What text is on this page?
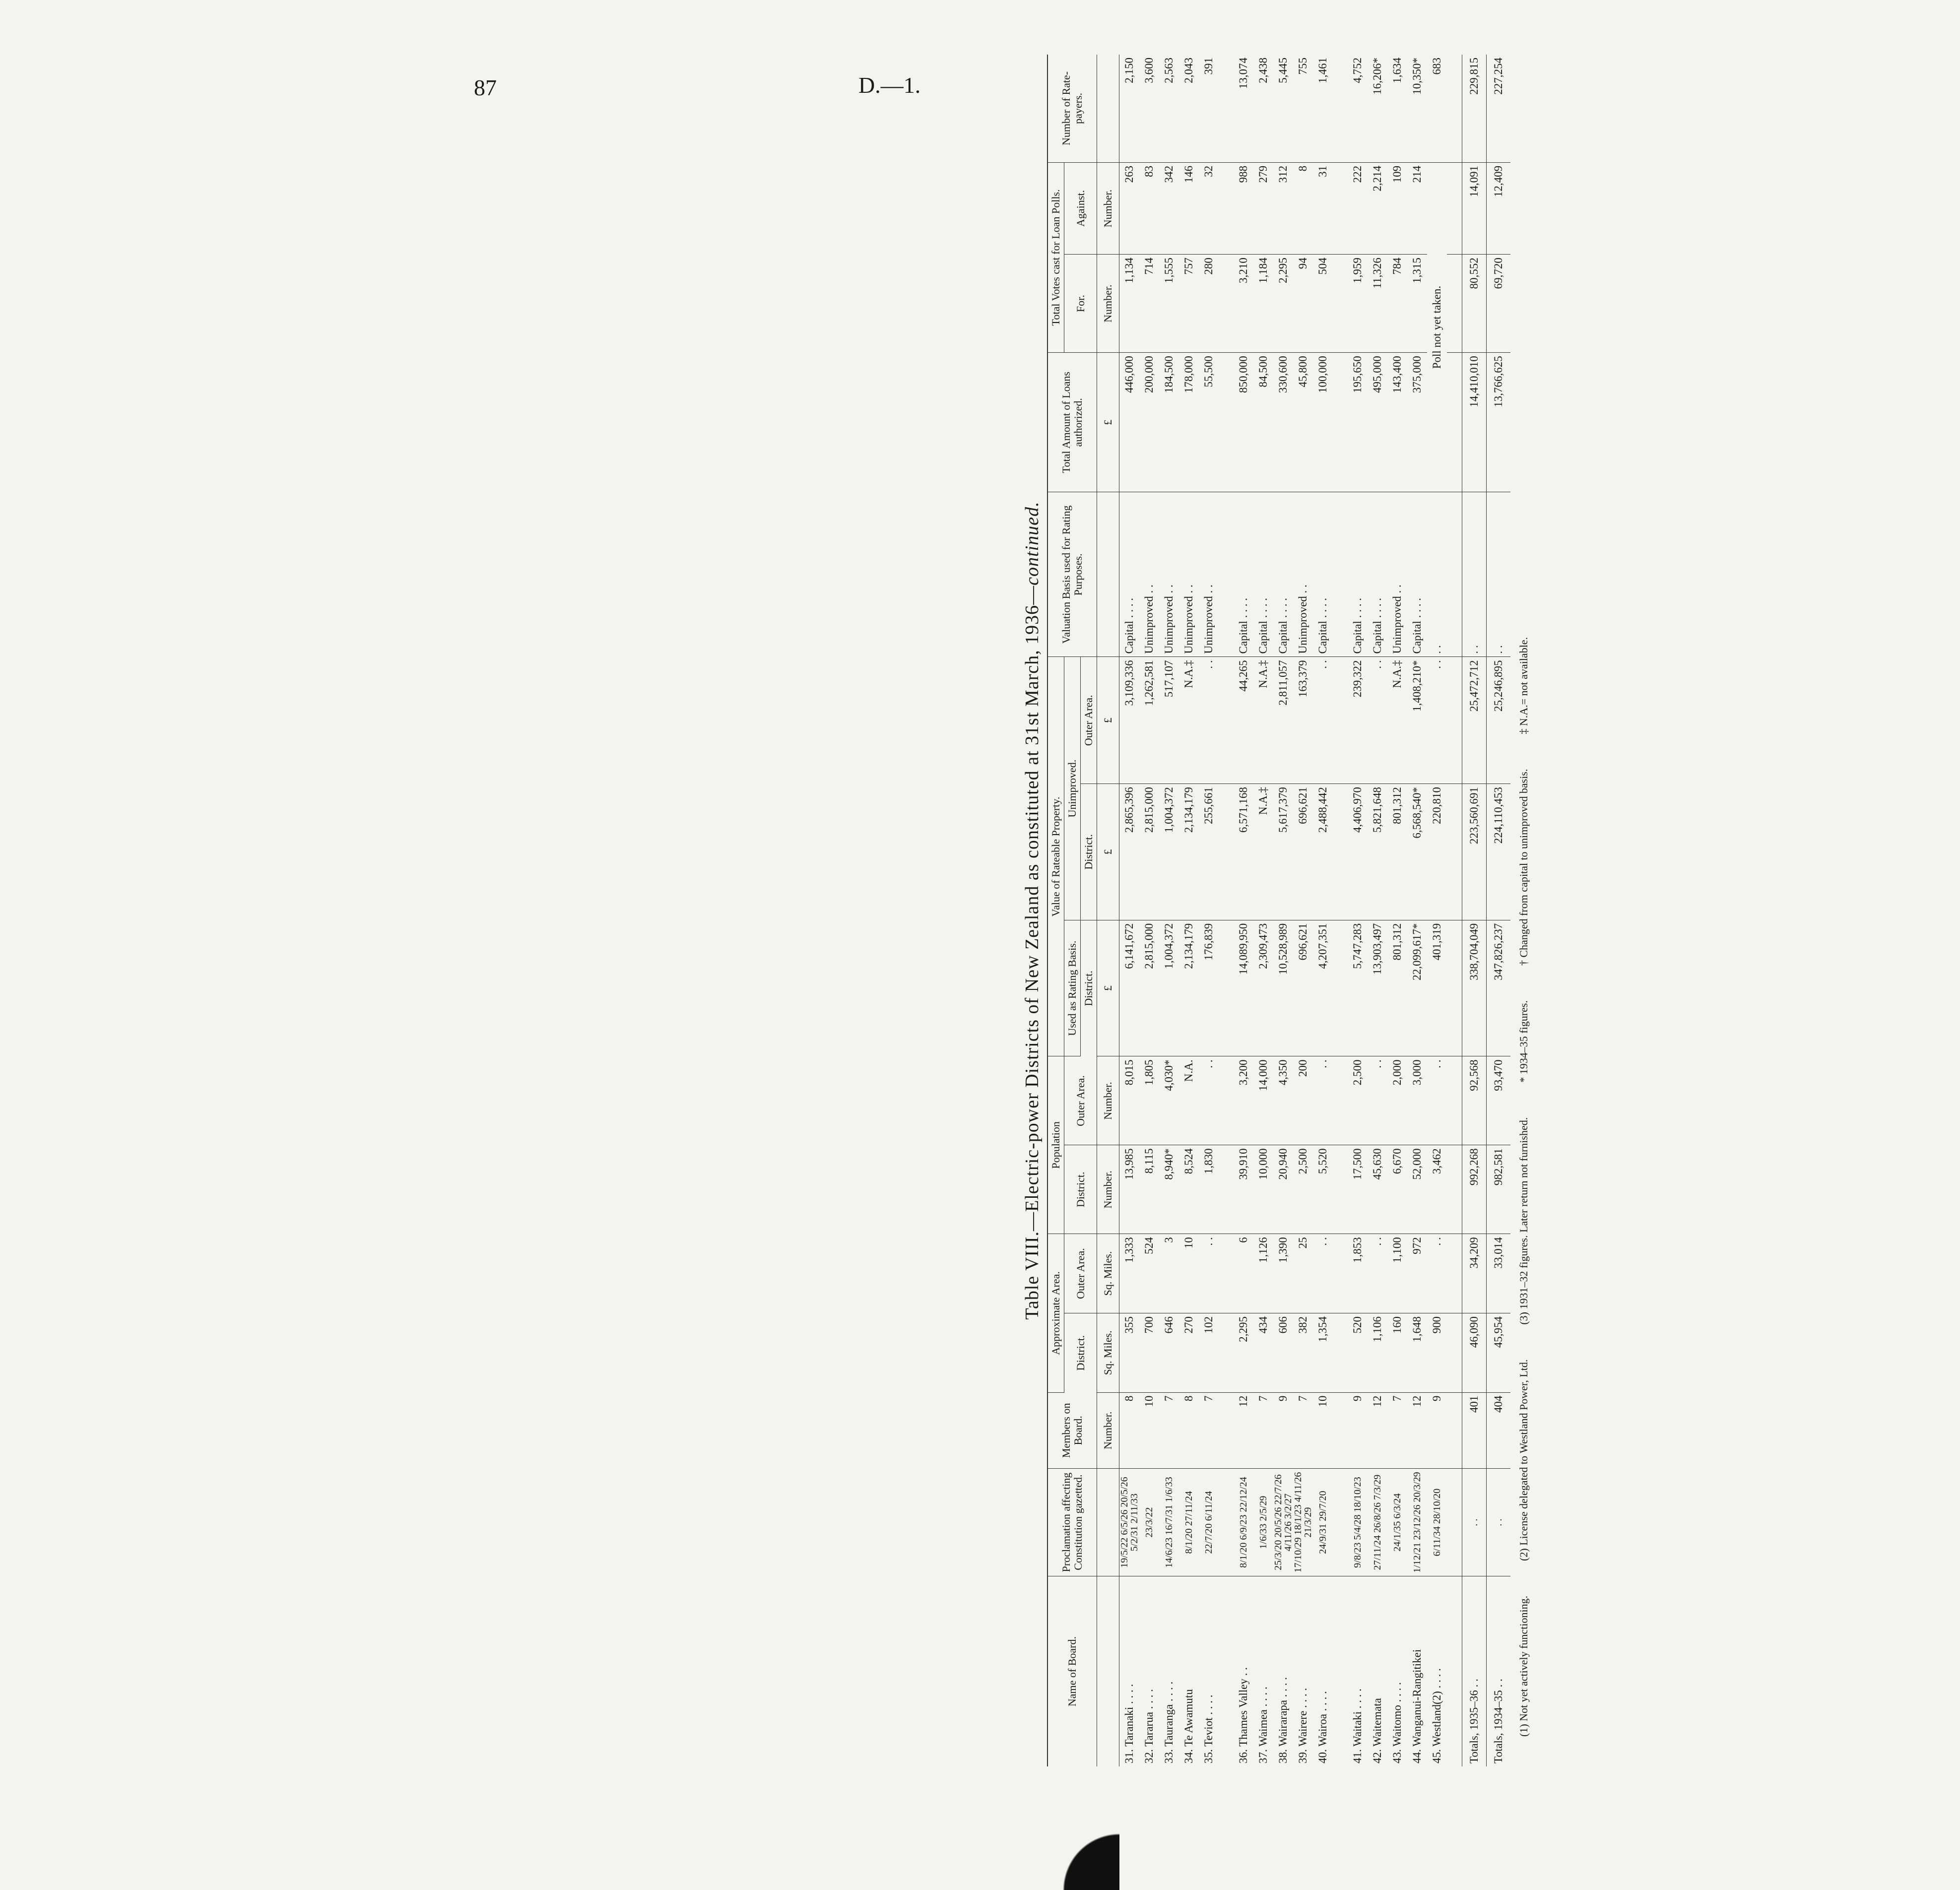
87	D.—1.
Table VIII.—Electric-power Districts of New Zealand as constituted at 31st March, 1936—continued.
Name of Board.	Proclamation affecting Constitution gazetted.	Members on Board.	Approximate Area.		Population		Value of Rateable Property.			Valuation Basis used for Rating Purposes.	Total Amount of Loans authorized.	Total Votes cast for Loan Polls.		Number of Rate-payers.
			District.	Outer Area.	District.	Outer Area.	Used as Rating Basis.	Unimproved.				For.	Against.	
							District.	District.	Outer Area.					
		Number.	Sq. Miles.	Sq. Miles.	Number.	Number.	£	£	£		£	Number.	Number.	
31. Taranaki . . . .	19/5/22 6/5/26 20/5/26 5/2/31 2/11/33	8	355	1,333	13,985	8,015	6,141,672	2,865,396	3,109,336	Capital . . . .	446,000	1,134	263	2,150
32. Tararua . . . .	23/3/22	10	700	524	8,115	1,805	2,815,000	2,815,000	1,262,581	Unimproved . .	200,000	714	83	3,600
33. Tauranga . . . .	14/6/23 16/7/31 1/6/33	7	646	3	8,940*	4,030*	1,004,372	1,004,372	517,107	Unimproved . .	184,500	1,555	342	2,563
34. Te Awamutu	8/1/20 27/11/24	8	270	10	8,524	N.A.	2,134,179	2,134,179	N.A.‡	Unimproved . .	178,000	757	146	2,043
35. Teviot . . . .	22/7/20 6/11/24	7	102	. .	1,830	. .	176,839	255,661	. .	Unimproved . .	55,500	280	32	391

36. Thames Valley . .	8/1/20 6/9/23 22/12/24	12	2,295	6	39,910	3,200	14,089,950	6,571,168	44,265	Capital . . . .	850,000	3,210	988	13,074
37. Waimea . . . .	1/6/33 2/5/29	7	434	1,126	10,000	14,000	2,309,473	N.A.‡	N.A.‡	Capital . . . .	84,500	1,184	279	2,438
38. Wairarapa . . . .	25/3/20 20/5/26 22/7/26 4/11/26 3/2/27	9	606	1,390	20,940	4,350	10,528,989	5,617,379	2,811,057	Capital . . . .	330,600	2,295	312	5,445
39. Wairere . . . .	17/10/29 18/1/23 4/11/26 21/3/29	7	382	25	2,500	200	696,621	696,621	163,379	Unimproved . .	45,800	94	8	755
40. Wairoa . . . .	24/9/31 29/7/20	10	1,354	. .	5,520	. .	4,207,351	2,488,442	. .	Capital . . . .	100,000	504	31	1,461

41. Waitaki . . . .	9/8/23 5/4/28 18/10/23	9	520	1,853	17,500	2,500	5,747,283	4,406,970	239,322	Capital . . . .	195,650	1,959	222	4,752
42. Waitemata	27/11/24 26/8/26 7/3/29	12	1,106	. .	45,630	. .	13,903,497	5,821,648	. .	Capital . . . .	495,000	11,326	2,214	16,206*
43. Waitomo . . . .	24/1/35 6/3/24	7	160	1,100	6,670	2,000	801,312	801,312	N.A.‡	Unimproved . .	143,400	784	109	1,634
44. Wanganui-Rangitikei	1/12/21 23/12/26 20/3/29	12	1,648	972	52,000	3,000	22,099,617*	6,568,540*	1,408,210*	Capital . . . .	375,000	1,315	214	10,350*
45. Westland(2) . . . .	6/11/34 28/10/20	9	900	. .	3,462	. .	401,319	220,810	. .	. .	Poll not yet taken.			683

Totals, 1935–36 . .	. .	401	46,090	34,209	992,268	92,568	338,704,049	223,560,691	25,472,712	. .	14,410,010	80,552	14,091	229,815
Totals, 1934–35 . .	. .	404	45,954	33,014	982,581	93,470	347,826,237	224,110,453	25,246,895	. .	13,766,625	69,720	12,409	227,254
(1) Not yet actively functioning.
(2) License delegated to Westland Power, Ltd.
(3) 1931–32 figures. Later return not furnished.
* 1934–35 figures.
† Changed from capital to unimproved basis.
‡ N.A.= not available.
